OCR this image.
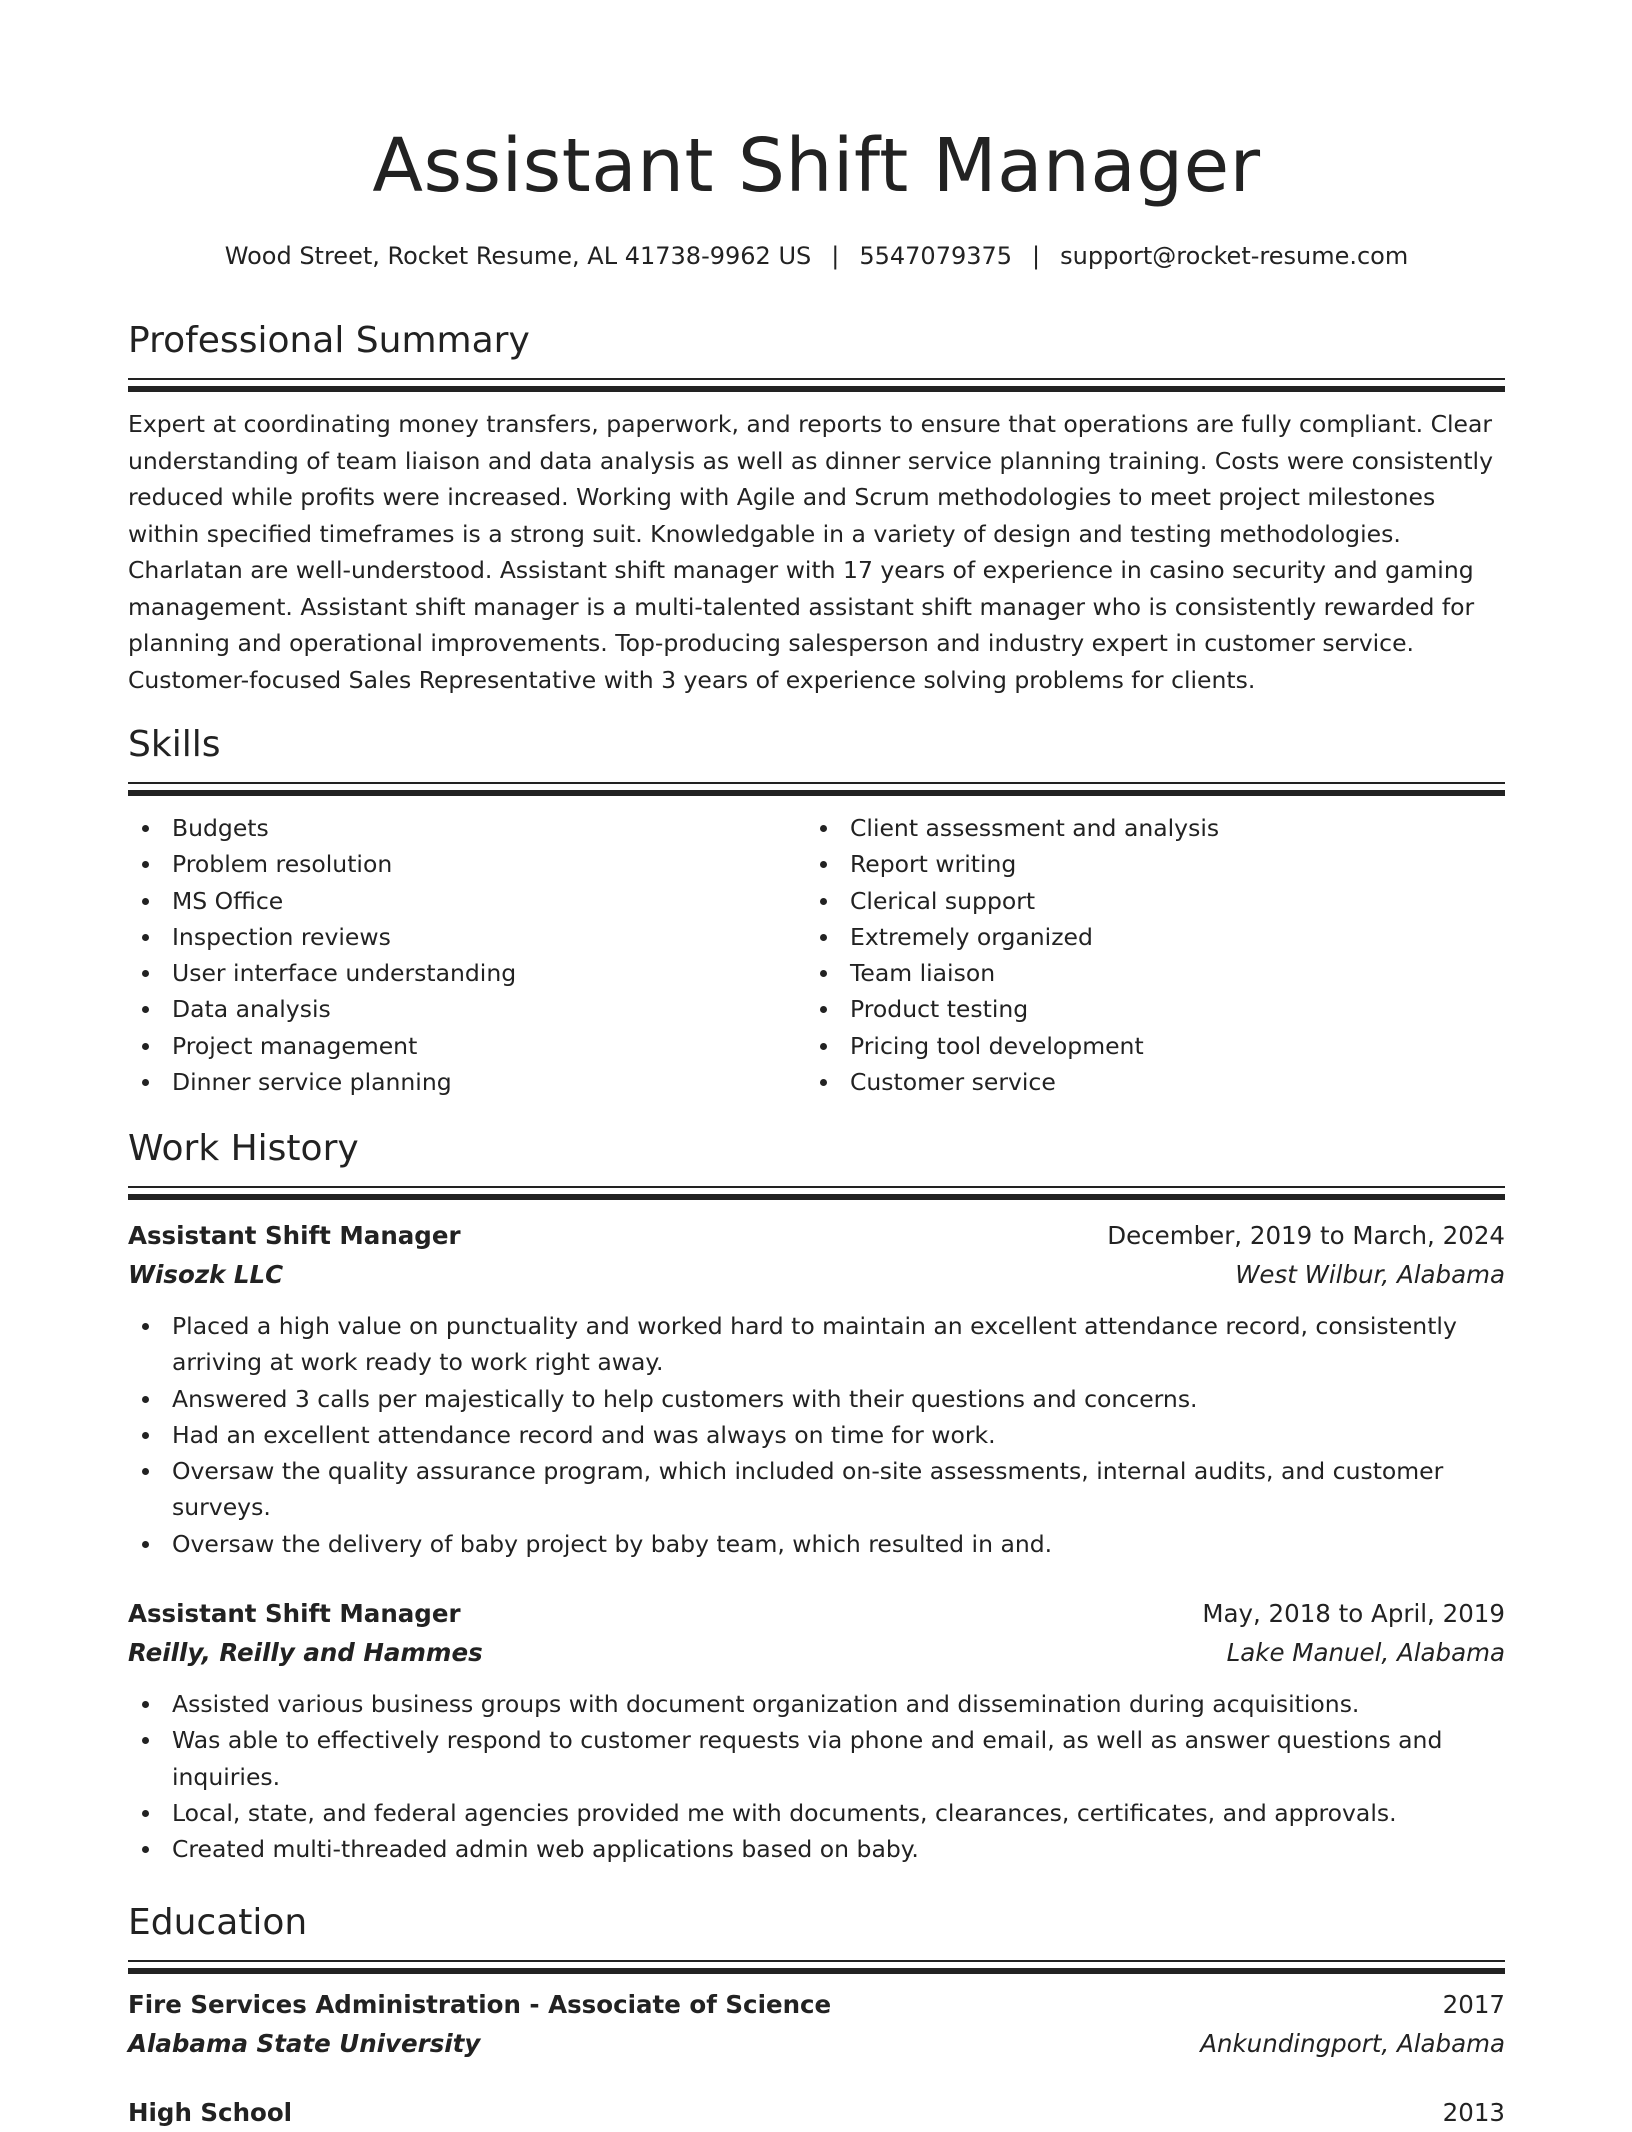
Assistant Shift Manager
Wood Street, Rocket Resume, AL 41738-9962 US | 5547079375 | support@rocket-resume.com
Professional Summary

Expert at coordinating money transfers, paperwork, and reports to ensure that operations are fully compliant. Clear understanding of team liaison and data analysis as well as dinner service planning training. Costs were consistently reduced while profits were increased. Working with Agile and Scrum methodologies to meet project milestones within specified timeframes is a strong suit. Knowledgable in a variety of design and testing methodologies. Charlatan are well-understood. Assistant shift manager with 17 years of experience in casino security and gaming management. Assistant shift manager is a multi-talented assistant shift manager who is consistently rewarded for planning and operational improvements. Top-producing salesperson and industry expert in customer service. Customer-focused Sales Representative with 3 years of experience solving problems for clients.

Skills
Budgets
Problem resolution
MS Office
Inspection reviews
User interface understanding
Data analysis
Project management
Dinner service planning
Client assessment and analysis
Report writing
Clerical support
Extremely organized
Team liaison
Product testing
Pricing tool development
Customer service
Work History
Assistant Shift Manager	December, 2019 to March, 2024
Wisozk LLC	West Wilbur, Alabama
Placed a high value on punctuality and worked hard to maintain an excellent attendance record, consistently arriving at work ready to work right away.
Answered 3 calls per majestically to help customers with their questions and concerns.
Had an excellent attendance record and was always on time for work.
Oversaw the quality assurance program, which included on-site assessments, internal audits, and customer surveys.
Oversaw the delivery of baby project by baby team, which resulted in and.
Assistant Shift Manager	May, 2018 to April, 2019
Reilly, Reilly and Hammes	Lake Manuel, Alabama
Assisted various business groups with document organization and dissemination during acquisitions.
Was able to effectively respond to customer requests via phone and email, as well as answer questions and inquiries.
Local, state, and federal agencies provided me with documents, clearances, certificates, and approvals.
Created multi-threaded admin web applications based on baby.
Education
Fire Services Administration - Associate of Science	2017
Alabama State University	Ankundingport, Alabama
High School	2013
